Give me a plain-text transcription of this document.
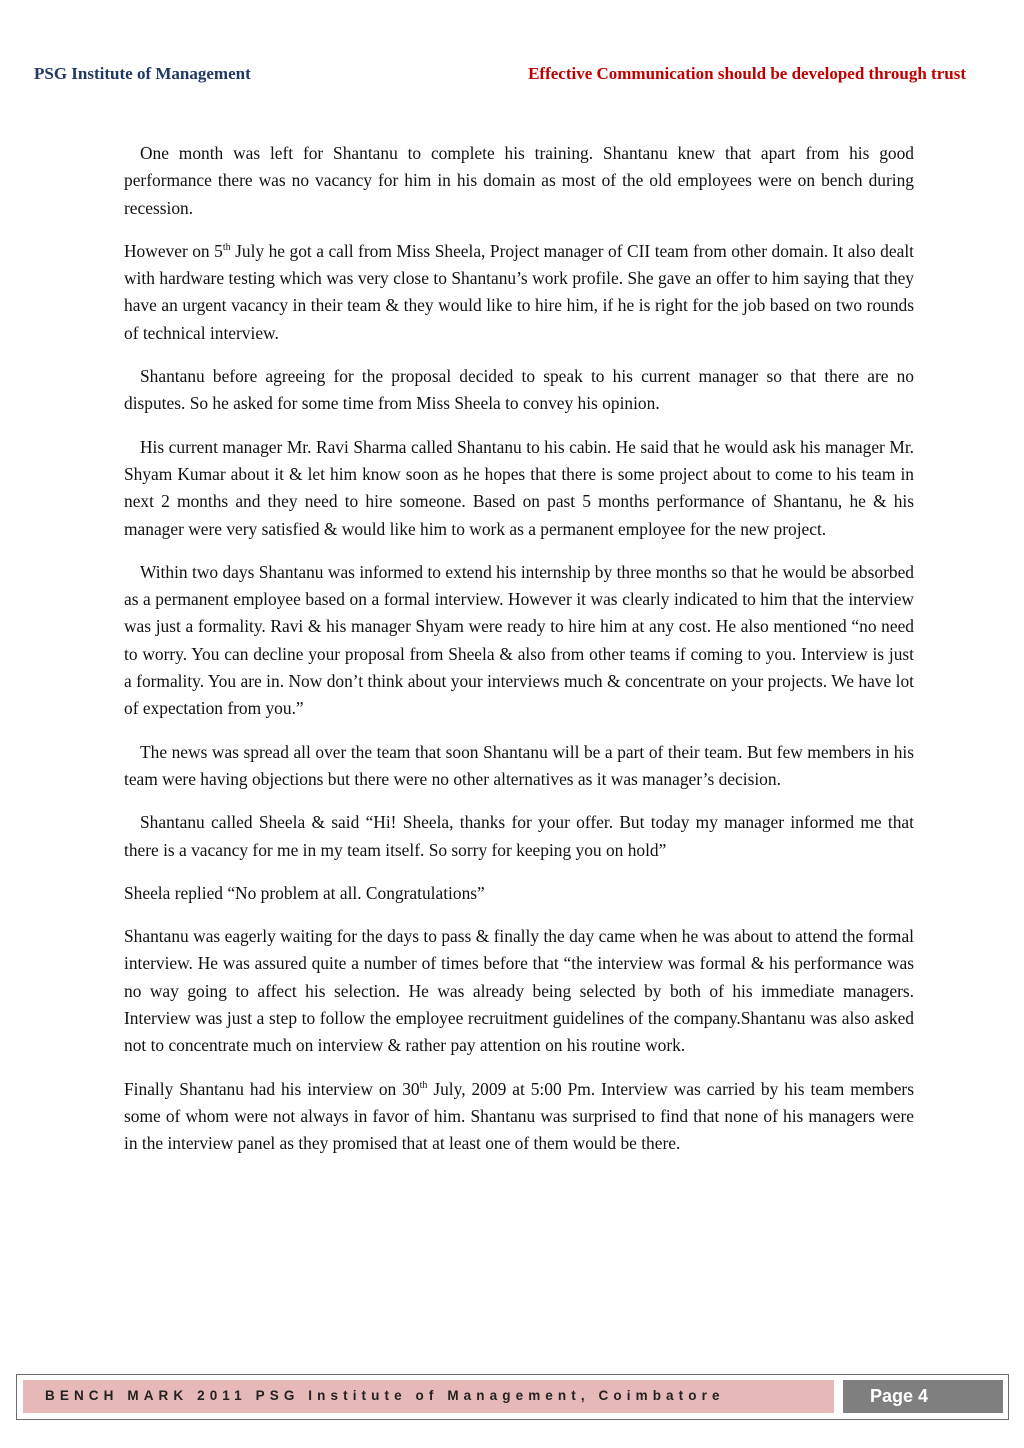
PSG Institute of Management	Effective Communication should be developed through trust

One month was left for Shantanu to complete his training. Shantanu knew that apart from his good performance there was no vacancy for him in his domain as most of the old employees were on bench during recession.

However on 5th July he got a call from Miss Sheela, Project manager of CII team from other domain. It also dealt with hardware testing which was very close to Shantanu’s work profile. She gave an offer to him saying that they have an urgent vacancy in their team & they would like to hire him, if he is right for the job based on two rounds of technical interview.

Shantanu before agreeing for the proposal decided to speak to his current manager so that there are no disputes. So he asked for some time from Miss Sheela to convey his opinion.

His current manager Mr. Ravi Sharma called Shantanu to his cabin. He said that he would ask his manager Mr. Shyam Kumar about it & let him know soon as he hopes that there is some project about to come to his team in next 2 months and they need to hire someone. Based on past 5 months performance of Shantanu, he & his manager were very satisfied & would like him to work as a permanent employee for the new project.

Within two days Shantanu was informed to extend his internship by three months so that he would be absorbed as a permanent employee based on a formal interview. However it was clearly indicated to him that the interview was just a formality. Ravi & his manager Shyam were ready to hire him at any cost. He also mentioned “no need to worry. You can decline your proposal from Sheela & also from other teams if coming to you. Interview is just a formality. You are in. Now don’t think about your interviews much & concentrate on your projects. We have lot of expectation from you.”

The news was spread all over the team that soon Shantanu will be a part of their team. But few members in his team were having objections but there were no other alternatives as it was manager’s decision.

Shantanu called Sheela & said “Hi! Sheela, thanks for your offer. But today my manager informed me that there is a vacancy for me in my team itself. So sorry for keeping you on hold”

Sheela replied “No problem at all. Congratulations”

Shantanu was eagerly waiting for the days to pass & finally the day came when he was about to attend the formal interview. He was assured quite a number of times before that “the interview was formal & his performance was no way going to affect his selection. He was already being selected by both of his immediate managers. Interview was just a step to follow the employee recruitment guidelines of the company.Shantanu was also asked not to concentrate much on interview & rather pay attention on his routine work.

Finally Shantanu had his interview on 30th July, 2009 at 5:00 Pm. Interview was carried by his team members some of whom were not always in favor of him. Shantanu was surprised to find that none of his managers were in the interview panel as they promised that at least one of them would be there.

BENCH MARK 2011 PSG Institute of Management, Coimbatore	Page 4
